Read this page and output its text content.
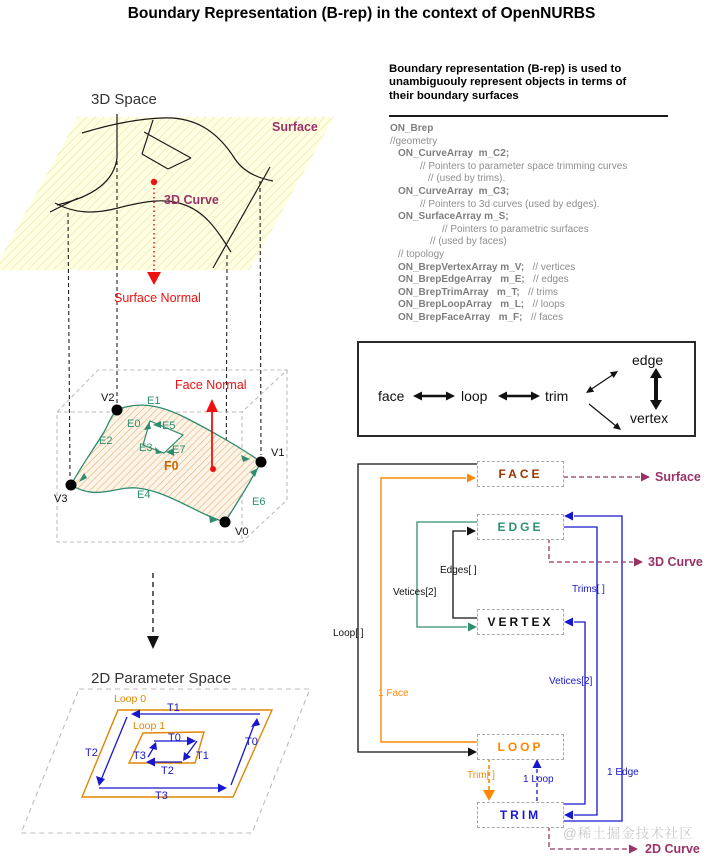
Boundary Representation (B-rep) in the context of OpenNURBS
3D Space
Surface
3D Curve
Surface Normal
Face Normal
V2
V3
V0
V1
E1
E0 E5
E2
E3 E7
E4
E6
F0
2D Parameter Space
Loop 0
Loop 1
T1
T2
T3
T0
T0
T1
T2
T3
Boundary representation (B-rep) is used to
unambiguouly represent objects in terms of
their boundary surfaces
ON_Brep
//geometry
ON_CurveArray  m_C2;
// Pointers to parameter space trimming curves
// (used by trims).
ON_CurveArray  m_C3;
// Pointers to 3d curves (used by edges).
ON_SurfaceArray m_S;
// Pointers to parametric surfaces
// (used by faces)
// topology
ON_BrepVertexArray m_V;   // vertices
ON_BrepEdgeArray   m_E;   // edges
ON_BrepTrimArray   m_T;   // trims
ON_BrepLoopArray   m_L;   // loops
ON_BrepFaceArray   m_F;   // faces
face	loop	trim
edge
vertex
FACE
EDGE
VERTEX
LOOP
TRIM
Surface
3D Curve
2D Curve
Loop[ ]
1 Face
Edges[ ]
Vetices[2]	Trims[ ]
Vetices[2]
1 Edge
Trim[ ]	1 Loop
@稀土掘金技术社区
